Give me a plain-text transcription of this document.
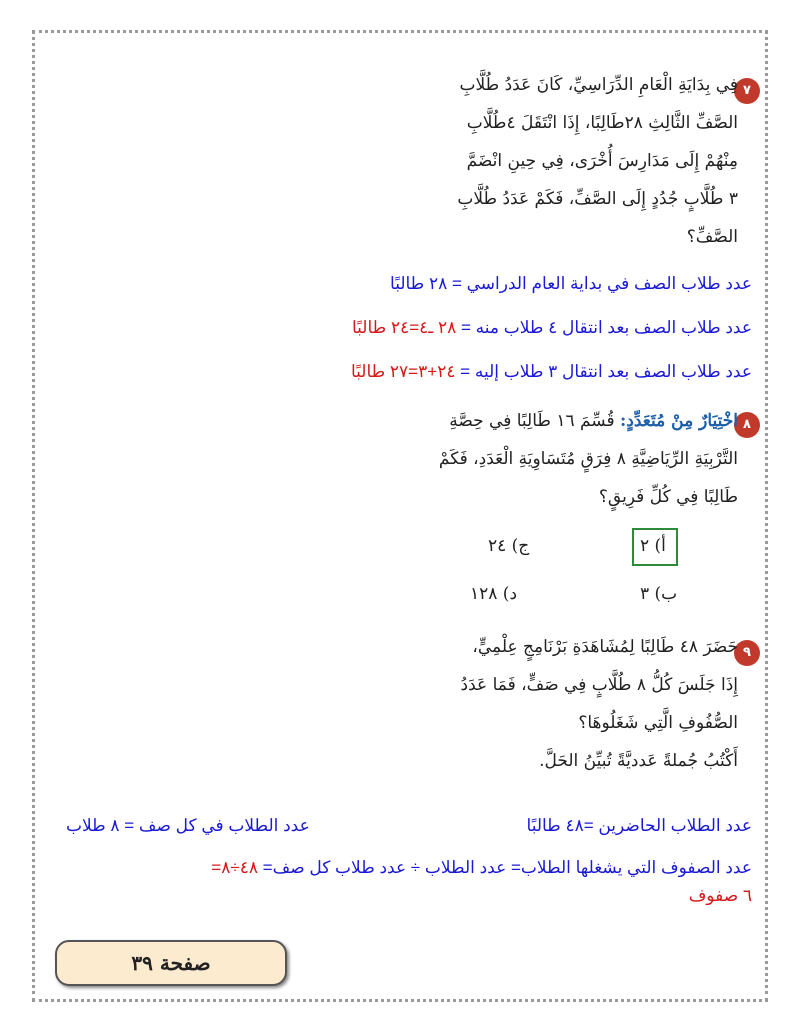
٧
فِي بِدَايَةِ الْعَامِ الدِّرَاسِيِّ، كَانَ عَدَدُ طُلَّابِ
الصَّفِّ الثَّالِثِ ٢٨طَالِبًا، إِذَا انْتَقَلَ ٤طُلَّابِ
مِنْهُمْ إِلَى مَدَارِسَ أُخْرَى، فِي حِينِ انْضَمَّ
٣ طُلَّابٍ جُدُدٍ إِلَى الصَّفِّ، فَكَمْ عَدَدُ طُلَّابِ
الصَّفِّ؟
عدد طلاب الصف في بداية العام الدراسي = ٢٨ طالبًا
عدد طلاب الصف بعد انتقال ٤ طلاب منه = ٢٨ ـ٤=٢٤ طالبًا
عدد طلاب الصف بعد انتقال ٣ طلاب إليه = ٢٤+٣=٢٧ طالبًا
٨
اخْتِيَارٌ مِنْ مُتَعَدِّدٍ: قُسِّمَ ١٦ طَالِبًا فِي حِصَّةِ
التَّرْبِيَةِ الرِّيَاضِيَّةِ ٨ فِرَقٍ مُتَسَاوِيَةِ الْعَدَدِ، فَكَمْ
طَالِبًا فِي كُلِّ فَرِيقٍ؟
أ) ٢
ب) ٣
ج) ٢٤
د) ١٢٨
٩
حَضَرَ ٤٨ طَالِبًا لِمُشَاهَدَةِ بَرْنَامِجٍ عِلْمِيٍّ،
إِذَا جَلَسَ كُلُّ ٨ طُلَّابٍ فِي صَفٍّ، فَمَا عَدَدُ
الصُّفُوفِ الَّتِي شَغَلُوهَا؟
أَكْتُبُ جُملةً عَدديَّةً تُبيِّنُ الحَلَّ.
عدد الطلاب الحاضرين =٤٨ طالبًا
عدد الطلاب في كل صف = ٨ طلاب
عدد الصفوف التي يشغلها الطلاب= عدد الطلاب ÷ عدد طلاب كل صف= ٤٨÷٨=
٦ صفوف
صفحة ٣٩
